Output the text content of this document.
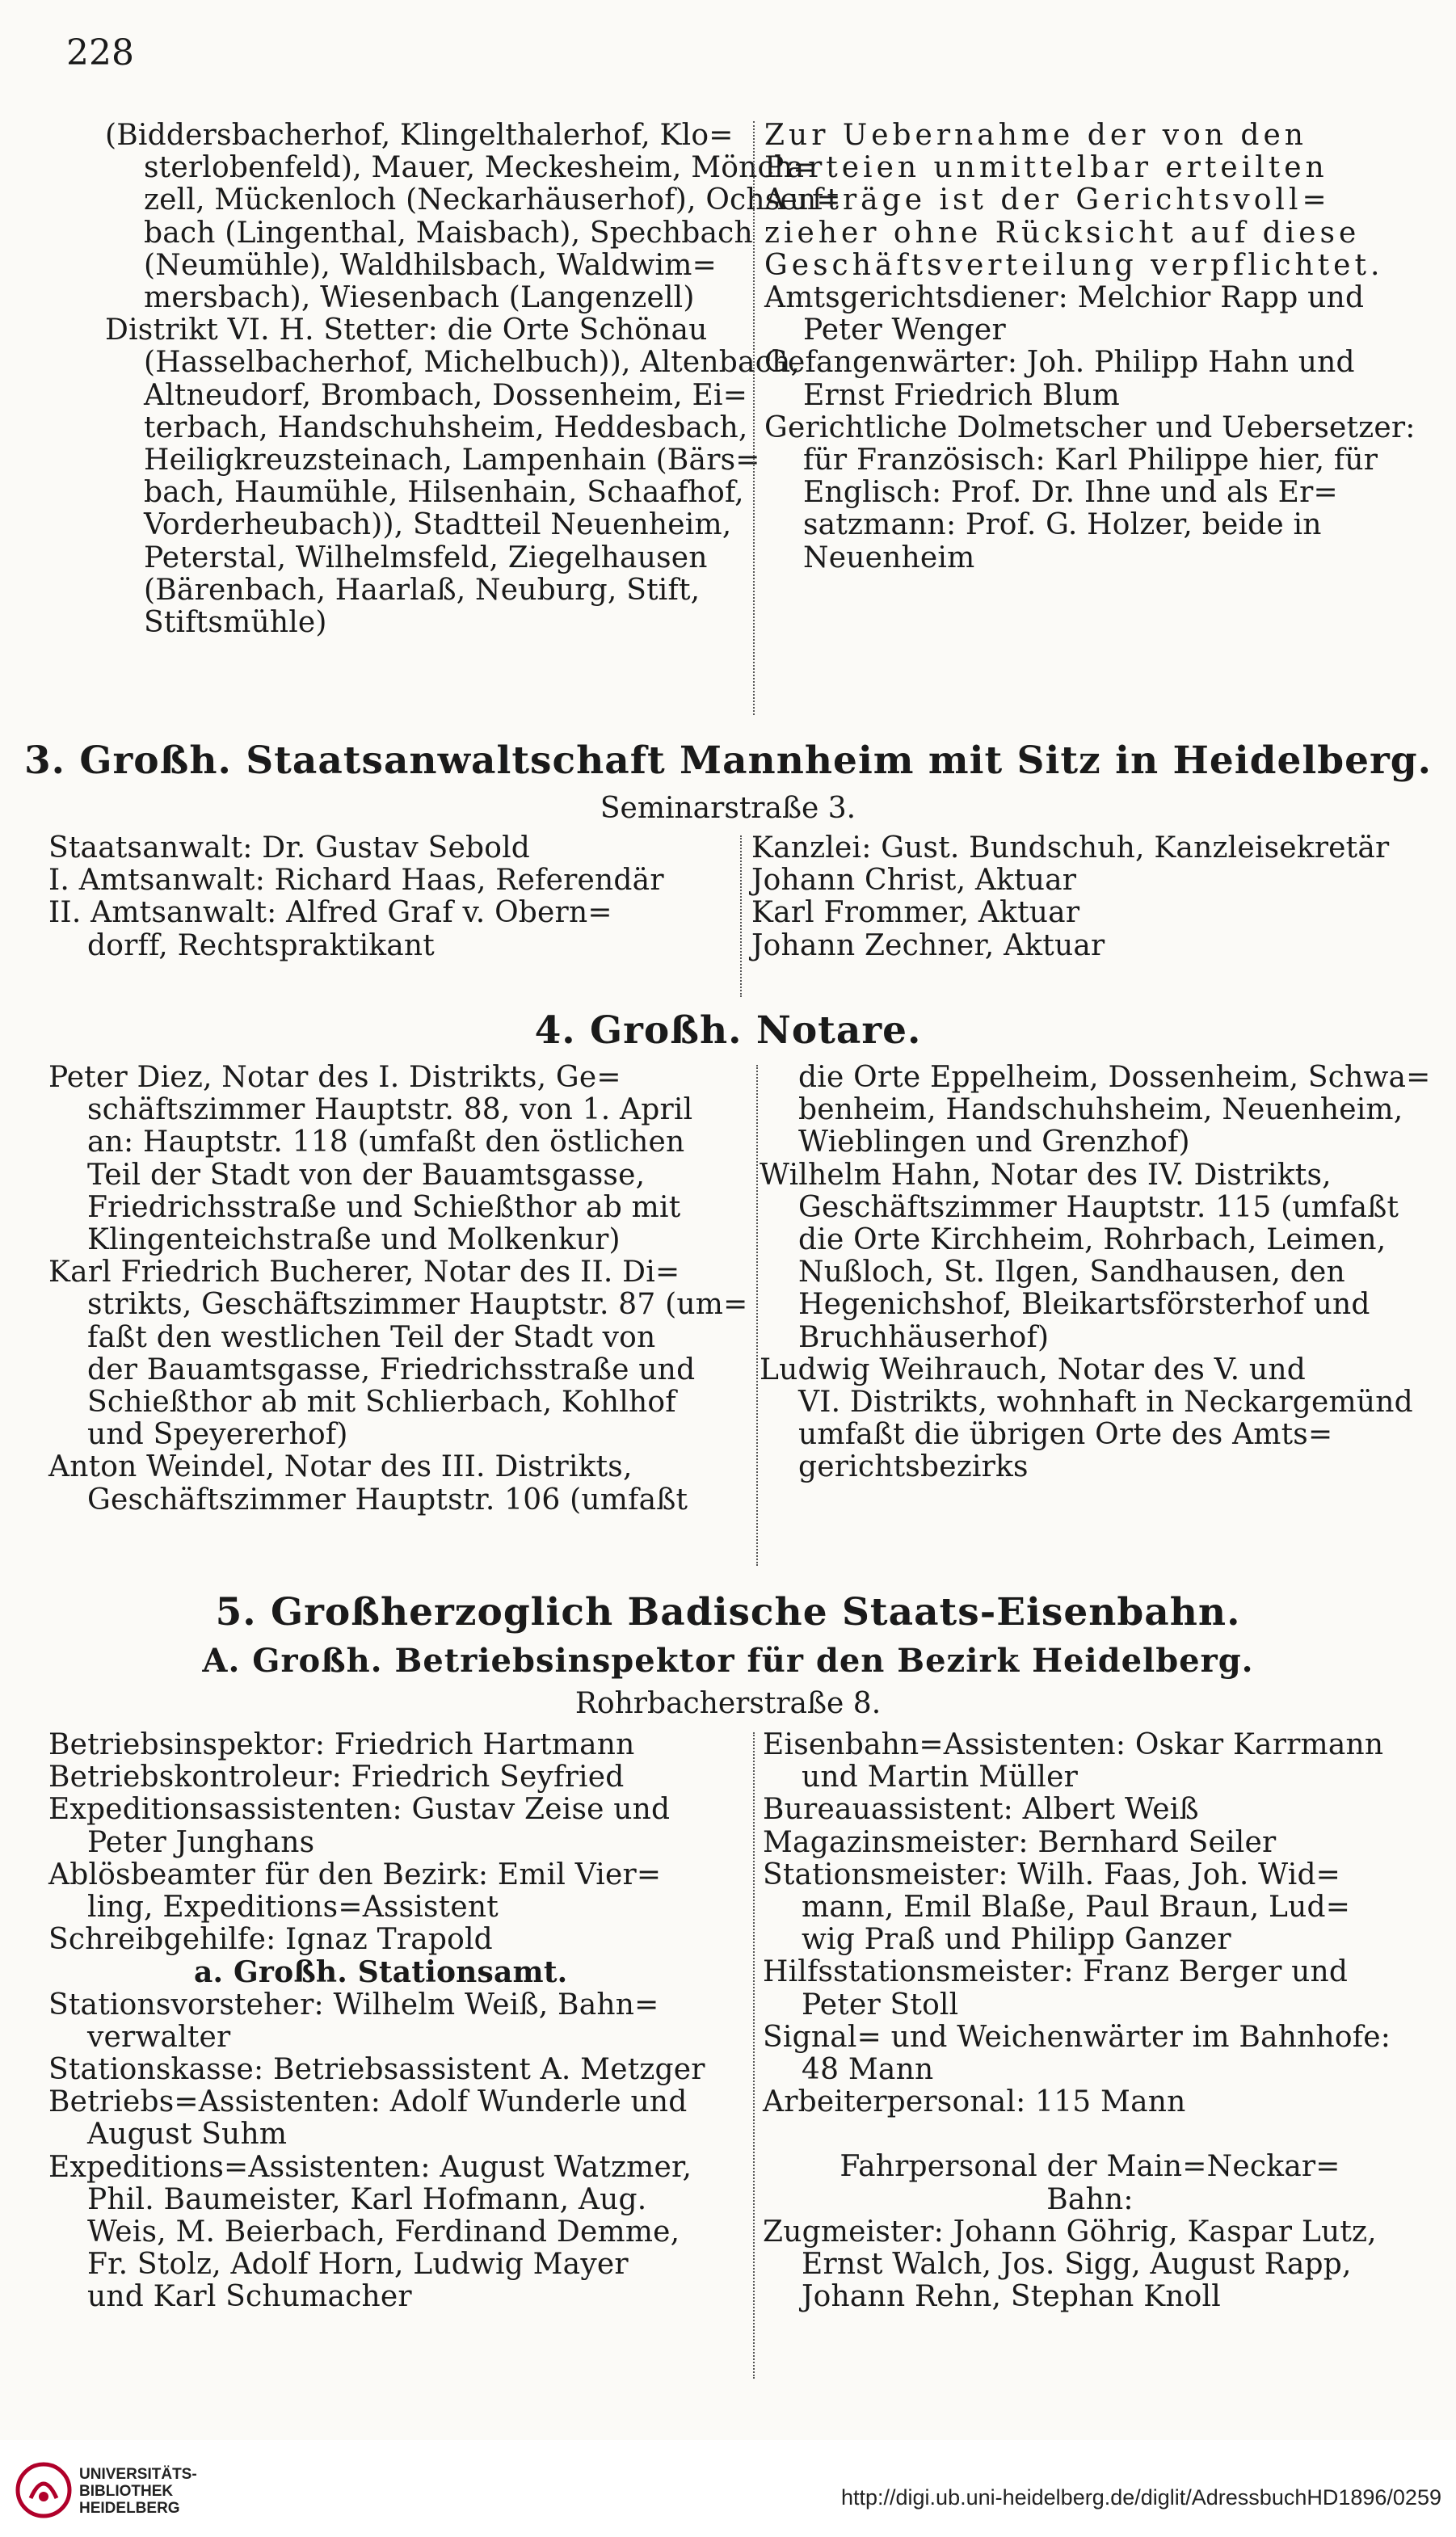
228
(Biddersbacherhof, Klingelthalerhof, Klo=
sterlobenfeld), Mauer, Meckesheim, Mönch=
zell, Mückenloch (Neckarhäuserhof), Ochsen=
bach (Lingenthal, Maisbach), Spechbach
(Neumühle), Waldhilsbach, Waldwim=
mersbach), Wiesenbach (Langenzell)
Distrikt VI. H. Stetter: die Orte Schönau
(Hasselbacherhof, Michelbuch)), Altenbach,
Altneudorf, Brombach, Dossenheim, Ei=
terbach, Handschuhsheim, Heddesbach,
Heiligkreuzsteinach, Lampenhain (Bärs=
bach, Haumühle, Hilsenhain, Schaafhof,
Vorderheubach)), Stadtteil Neuenheim,
Peterstal, Wilhelmsfeld, Ziegelhausen
(Bärenbach, Haarlaß, Neuburg, Stift,
Stiftsmühle)
Zur Uebernahme der von den
Parteien unmittelbar erteilten
Aufträge ist der Gerichtsvoll=
zieher ohne Rücksicht auf diese
Geschäftsverteilung verpflichtet.
Amtsgerichtsdiener: Melchior Rapp und
Peter Wenger
Gefangenwärter: Joh. Philipp Hahn und
Ernst Friedrich Blum
Gerichtliche Dolmetscher und Uebersetzer:
für Französisch: Karl Philippe hier, für
Englisch: Prof. Dr. Ihne und als Er=
satzmann: Prof. G. Holzer, beide in
Neuenheim
3. Großh. Staatsanwaltschaft Mannheim mit Sitz in Heidelberg.
Seminarstraße 3.
Staatsanwalt: Dr. Gustav Sebold
I. Amtsanwalt: Richard Haas, Referendär
II. Amtsanwalt: Alfred Graf v. Obern=
dorff, Rechtspraktikant
Kanzlei: Gust. Bundschuh, Kanzleisekretär
Johann Christ, Aktuar
Karl Frommer, Aktuar
Johann Zechner, Aktuar
4. Großh. Notare.
Peter Diez, Notar des I. Distrikts, Ge=
schäftszimmer Hauptstr. 88, von 1. April
an: Hauptstr. 118 (umfaßt den östlichen
Teil der Stadt von der Bauamtsgasse,
Friedrichsstraße und Schießthor ab mit
Klingenteichstraße und Molkenkur)
Karl Friedrich Bucherer, Notar des II. Di=
strikts, Geschäftszimmer Hauptstr. 87 (um=
faßt den westlichen Teil der Stadt von
der Bauamtsgasse, Friedrichsstraße und
Schießthor ab mit Schlierbach, Kohlhof
und Speyererhof)
Anton Weindel, Notar des III. Distrikts,
Geschäftszimmer Hauptstr. 106 (umfaßt
die Orte Eppelheim, Dossenheim, Schwa=
benheim, Handschuhsheim, Neuenheim,
Wieblingen und Grenzhof)
Wilhelm Hahn, Notar des IV. Distrikts,
Geschäftszimmer Hauptstr. 115 (umfaßt
die Orte Kirchheim, Rohrbach, Leimen,
Nußloch, St. Ilgen, Sandhausen, den
Hegenichshof, Bleikartsförsterhof und
Bruchhäuserhof)
Ludwig Weihrauch, Notar des V. und
VI. Distrikts, wohnhaft in Neckargemünd
umfaßt die übrigen Orte des Amts=
gerichtsbezirks
5. Großherzoglich Badische Staats-Eisenbahn.
A. Großh. Betriebsinspektor für den Bezirk Heidelberg.
Rohrbacherstraße 8.
Betriebsinspektor: Friedrich Hartmann
Betriebskontroleur: Friedrich Seyfried
Expeditionsassistenten: Gustav Zeise und
Peter Junghans
Ablösbeamter für den Bezirk: Emil Vier=
ling, Expeditions=Assistent
Schreibgehilfe: Ignaz Trapold
a. Großh. Stationsamt.
Stationsvorsteher: Wilhelm Weiß, Bahn=
verwalter
Stationskasse: Betriebsassistent A. Metzger
Betriebs=Assistenten: Adolf Wunderle und
August Suhm
Expeditions=Assistenten: August Watzmer,
Phil. Baumeister, Karl Hofmann, Aug.
Weis, M. Beierbach, Ferdinand Demme,
Fr. Stolz, Adolf Horn, Ludwig Mayer
und Karl Schumacher
Eisenbahn=Assistenten: Oskar Karrmann
und Martin Müller
Bureauassistent: Albert Weiß
Magazinsmeister: Bernhard Seiler
Stationsmeister: Wilh. Faas, Joh. Wid=
mann, Emil Blaße, Paul Braun, Lud=
wig Praß und Philipp Ganzer
Hilfsstationsmeister: Franz Berger und
Peter Stoll
Signal= und Weichenwärter im Bahnhofe:
48 Mann
Arbeiterpersonal: 115 Mann
Fahrpersonal der Main=Neckar=
Bahn:
Zugmeister: Johann Göhrig, Kaspar Lutz,
Ernst Walch, Jos. Sigg, August Rapp,
Johann Rehn, Stephan Knoll
UNIVERSITÄTS-
BIBLIOTHEK
HEIDELBERG	http://digi.ub.uni-heidelberg.de/diglit/AdressbuchHD1896/0259
